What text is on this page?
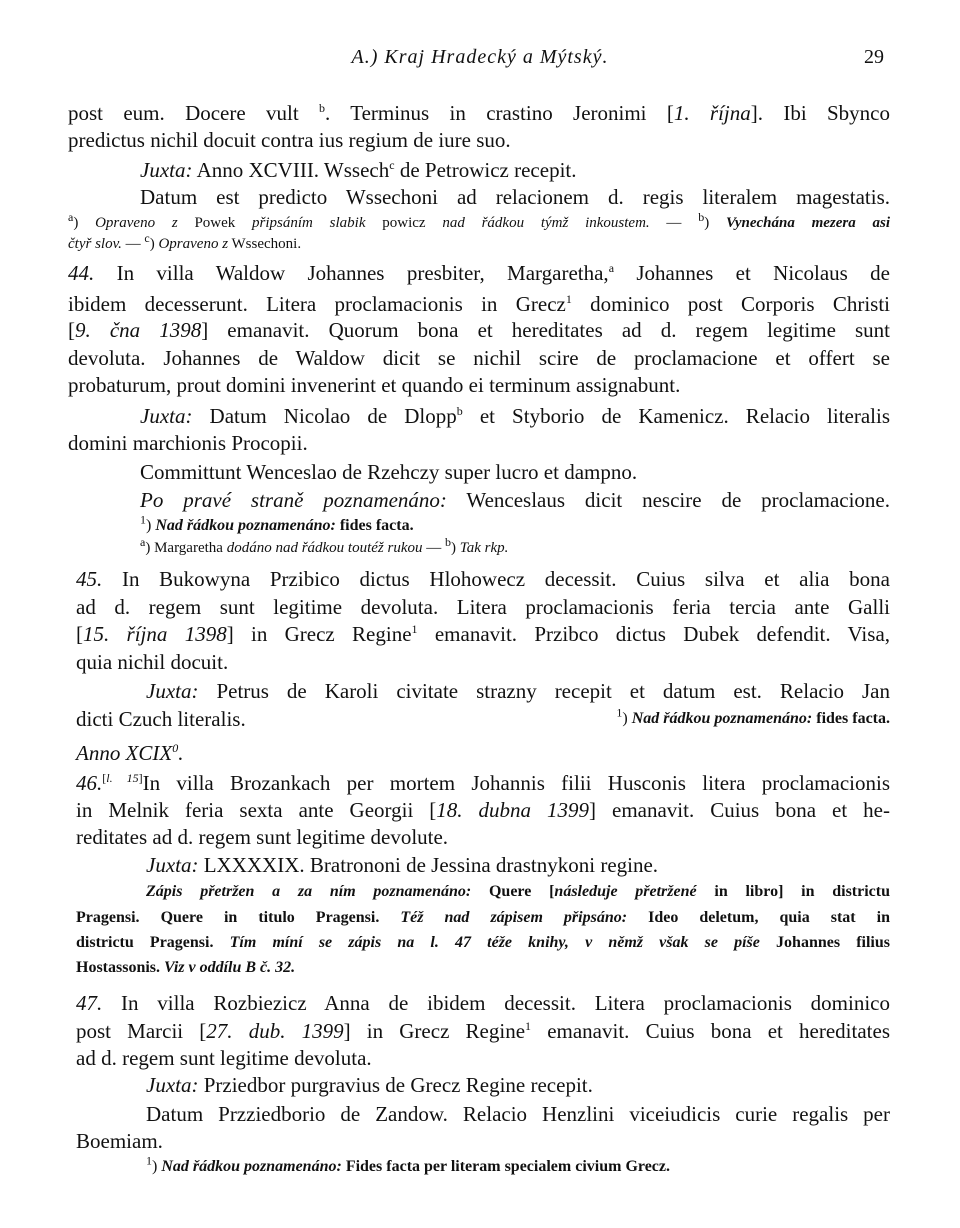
A.) Kraj Hradecký a Mýtský.	29
post eum. Docere vult $^b$. Terminus in crastino Jeronimi [1. října]. Ibi Sbynco
predictus nichil docuit contra ius regium de iure suo.
Juxta: Anno XCVIII. Wssech$^c$ de Petrowicz recepit.
Datum est predicto Wssechoni ad relacionem d. regis literalem magestatis.
$^a$) Opraveno z Powek připsáním slabik powicz nad řádkou týmž inkoustem. — $^b$) Vynechána mezera asi
čtyř slov. — $^c$) Opraveno z Wssechoni.
44. In villa Waldow Johannes presbiter, Margaretha,$^a$ Johannes et Nicolaus de
ibidem decesserunt. Litera proclamacionis in Grecz$^1$ dominico post Corporis Christi
[9. čna 1398] emanavit. Quorum bona et hereditates ad d. regem legitime sunt
devoluta. Johannes de Waldow dicit se nichil scire de proclamacione et offert se
probaturum, prout domini invenerint et quando ei terminum assignabunt.
Juxta: Datum Nicolao de Dlopp$^b$ et Styborio de Kamenicz. Relacio literalis
domini marchionis Procopii.
Committunt Wenceslao de Rzehczy super lucro et dampno.
Po pravé straně poznamenáno: Wenceslaus dicit nescire de proclamacione.
$^1$) Nad řádkou poznamenáno: fides facta.
$^a$) Margaretha dodáno nad řádkou toutéž rukou — $^b$) Tak rkp.
45. In Bukowyna Przibico dictus Hlohowecz decessit. Cuius silva et alia bona
ad d. regem sunt legitime devoluta. Litera proclamacionis feria tercia ante Galli
[15. října 1398] in Grecz Regine$^1$ emanavit. Przibco dictus Dubek defendit. Visa,
quia nichil docuit.
Juxta: Petrus de Karoli civitate strazny recepit et datum est. Relacio Jan
dicti Czuch literalis.	$^1$) Nad řádkou poznamenáno: fides facta.
Anno XCIX$^0$.
46.[l. 15]In villa Brozankach per mortem Johannis filii Husconis litera proclamacionis
in Melnik feria sexta ante Georgii [18. dubna 1399] emanavit. Cuius bona et he-
reditates ad d. regem sunt legitime devolute.
Juxta: LXXXXIX. Bratrononi de Jessina drastnykoni regine.
Zápis přetržen a za ním poznamenáno: Quere [následuje přetržené in libro] in districtu
Pragensi. Quere in titulo Pragensi. Též nad zápisem připsáno: Ideo deletum, quia stat in
districtu Pragensi. Tím míní se zápis na l. 47 téže knihy, v němž však se píše Johannes filius
Hostassonis. Viz v oddílu B č. 32.
47. In villa Rozbiezicz Anna de ibidem decessit. Litera proclamacionis dominico
post Marcii [27. dub. 1399] in Grecz Regine$^1$ emanavit. Cuius bona et hereditates
ad d. regem sunt legitime devoluta.
Juxta: Prziedbor purgravius de Grecz Regine recepit.
Datum Przziedborio de Zandow. Relacio Henzlini viceiudicis curie regalis per
Boemiam.
$^1$) Nad řádkou poznamenáno: Fides facta per literam specialem civium Grecz.
